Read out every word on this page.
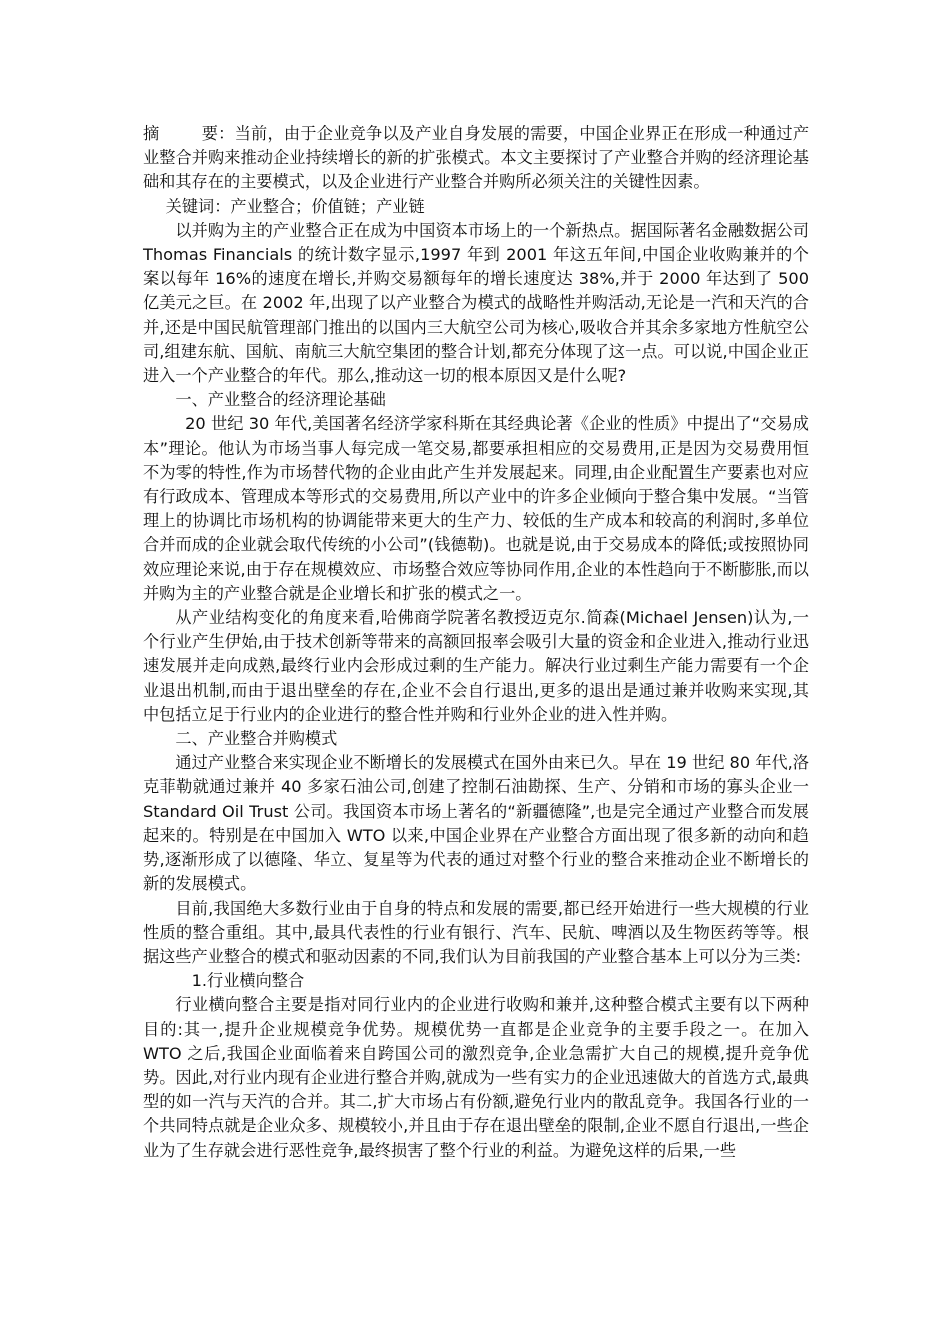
摘	要：当前，由于企业竞争以及产业自身发展的需要，中国企业界正在形成一种通过产业整合并购来推动企业持续增长的新的扩张模式。本文主要探讨了产业整合并购的经济理论基础和其存在的主要模式，以及企业进行产业整合并购所必须关注的关键性因素。

关键词：产业整合；价值链；产业链

以并购为主的产业整合正在成为中国资本市场上的一个新热点。据国际著名金融数据公司 Thomas Financials 的统计数字显示,1997 年到 2001 年这五年间,中国企业收购兼并的个案以每年 16%的速度在增长,并购交易额每年的增长速度达 38%,并于 2000 年达到了 500 亿美元之巨。在 2002 年,出现了以产业整合为模式的战略性并购活动,无论是一汽和天汽的合并,还是中国民航管理部门推出的以国内三大航空公司为核心,吸收合并其余多家地方性航空公司,组建东航、国航、南航三大航空集团的整合计划,都充分体现了这一点。可以说,中国企业正进入一个产业整合的年代。那么,推动这一切的根本原因又是什么呢?

一、产业整合的经济理论基础

20 世纪 30 年代,美国著名经济学家科斯在其经典论著《企业的性质》中提出了“交易成本”理论。他认为市场当事人每完成一笔交易,都要承担相应的交易费用,正是因为交易费用恒不为零的特性,作为市场替代物的企业由此产生并发展起来。同理,由企业配置生产要素也对应有行政成本、管理成本等形式的交易费用,所以产业中的许多企业倾向于整合集中发展。“当管理上的协调比市场机构的协调能带来更大的生产力、较低的生产成本和较高的利润时,多单位合并而成的企业就会取代传统的小公司”(钱德勒)。也就是说,由于交易成本的降低;或按照协同效应理论来说,由于存在规模效应、市场整合效应等协同作用,企业的本性趋向于不断膨胀,而以并购为主的产业整合就是企业增长和扩张的模式之一。

从产业结构变化的角度来看,哈佛商学院著名教授迈克尔.简森(Michael Jensen)认为,一个行业产生伊始,由于技术创新等带来的高额回报率会吸引大量的资金和企业进入,推动行业迅速发展并走向成熟,最终行业内会形成过剩的生产能力。解决行业过剩生产能力需要有一个企业退出机制,而由于退出壁垒的存在,企业不会自行退出,更多的退出是通过兼并收购来实现,其中包括立足于行业内的企业进行的整合性并购和行业外企业的进入性并购。

二、产业整合并购模式

通过产业整合来实现企业不断增长的发展模式在国外由来已久。早在 19 世纪 80 年代,洛克菲勒就通过兼并 40 多家石油公司,创建了控制石油勘探、生产、分销和市场的寡头企业一 Standard Oil Trust 公司。我国资本市场上著名的“新疆德隆”,也是完全通过产业整合而发展起来的。特别是在中国加入 WTO 以来,中国企业界在产业整合方面出现了很多新的动向和趋势,逐渐形成了以德隆、华立、复星等为代表的通过对整个行业的整合来推动企业不断增长的新的发展模式。

目前,我国绝大多数行业由于自身的特点和发展的需要,都已经开始进行一些大规模的行业性质的整合重组。其中,最具代表性的行业有银行、汽车、民航、啤酒以及生物医药等等。根据这些产业整合的模式和驱动因素的不同,我们认为目前我国的产业整合基本上可以分为三类:

1.行业横向整合

行业横向整合主要是指对同行业内的企业进行收购和兼并,这种整合模式主要有以下两种目的:其一,提升企业规模竞争优势。规模优势一直都是企业竞争的主要手段之一。在加入 WTO 之后,我国企业面临着来自跨国公司的激烈竞争,企业急需扩大自己的规模,提升竞争优势。因此,对行业内现有企业进行整合并购,就成为一些有实力的企业迅速做大的首选方式,最典型的如一汽与天汽的合并。其二,扩大市场占有份额,避免行业内的散乱竞争。我国各行业的一个共同特点就是企业众多、规模较小,并且由于存在退出壁垒的限制,企业不愿自行退出,一些企业为了生存就会进行恶性竞争,最终损害了整个行业的利益。为避免这样的后果,一些
